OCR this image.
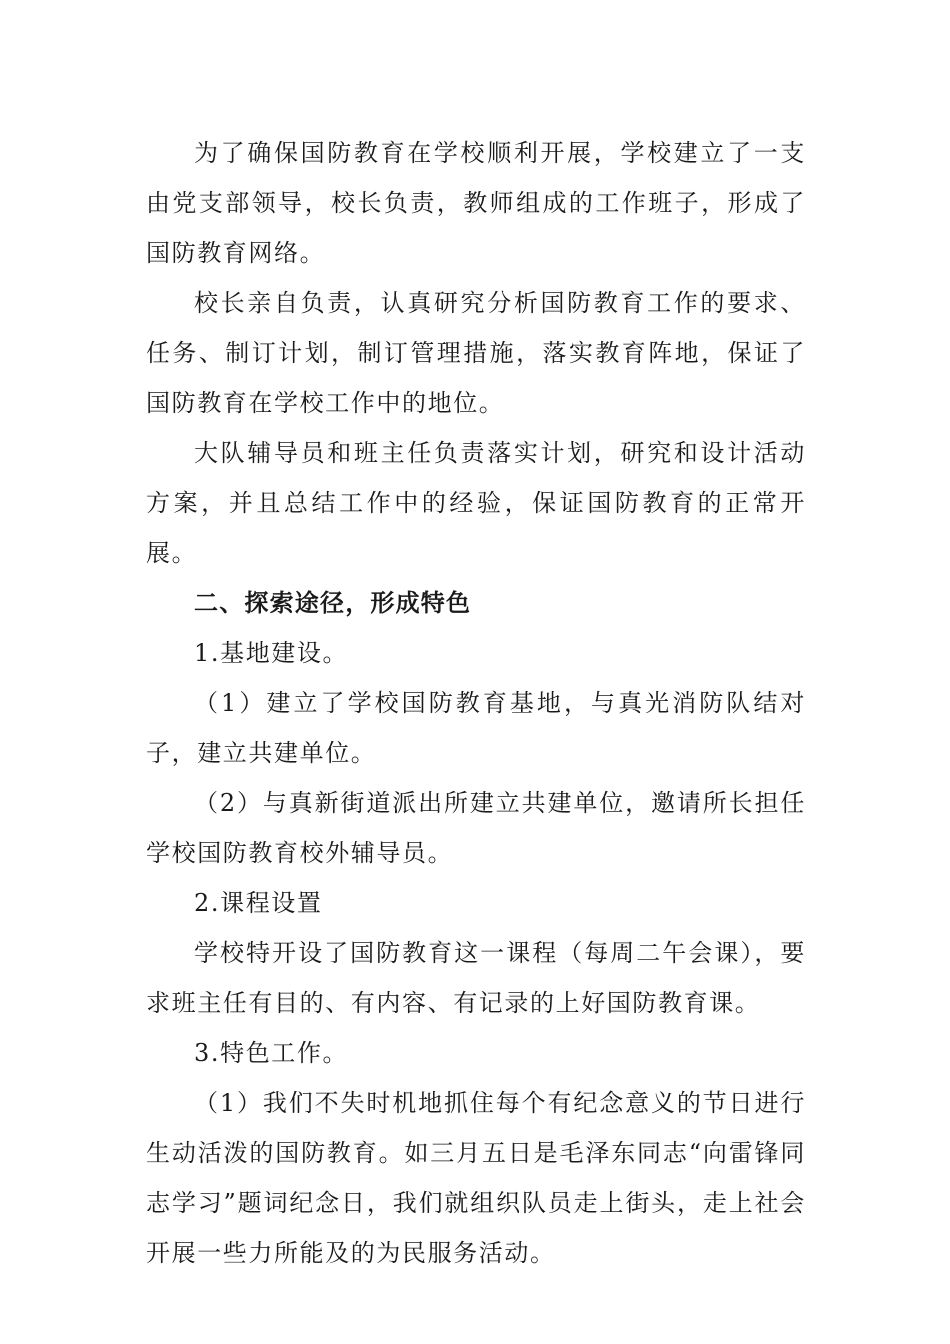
为了确保国防教育在学校顺利开展，学校建立了一支由党支部领导，校长负责，教师组成的工作班子，形成了国防教育网络。

校长亲自负责，认真研究分析国防教育工作的要求、任务、制订计划，制订管理措施，落实教育阵地，保证了国防教育在学校工作中的地位。

大队辅导员和班主任负责落实计划，研究和设计活动方案，并且总结工作中的经验，保证国防教育的正常开展。

二、探索途径，形成特色

1.基地建设。

（1）建立了学校国防教育基地，与真光消防队结对子，建立共建单位。

（2）与真新街道派出所建立共建单位，邀请所长担任学校国防教育校外辅导员。

2.课程设置

学校特开设了国防教育这一课程（每周二午会课），要求班主任有目的、有内容、有记录的上好国防教育课。

3.特色工作。

（1）我们不失时机地抓住每个有纪念意义的节日进行生动活泼的国防教育。如三月五日是毛泽东同志“向雷锋同志学习”题词纪念日，我们就组织队员走上街头，走上社会开展一些力所能及的为民服务活动。
